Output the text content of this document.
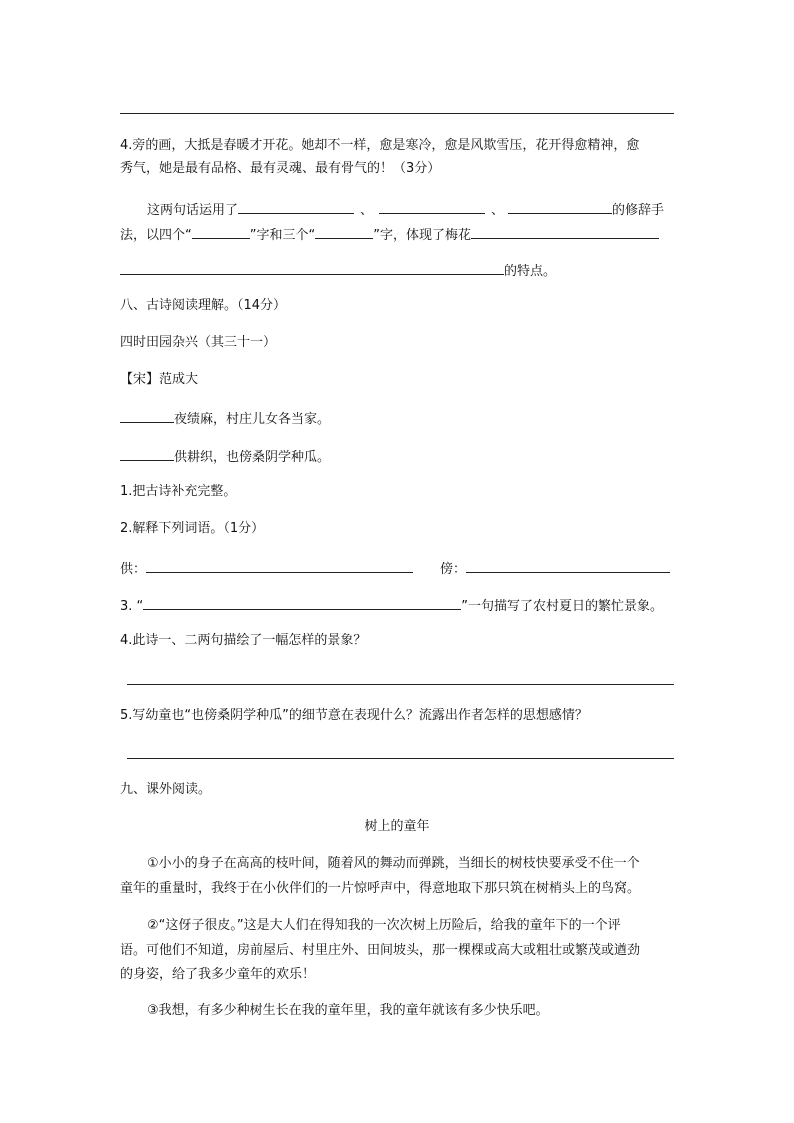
4.旁的画，大抵是春暖才开花。她却不一样，愈是寒冷，愈是风欺雪压，花开得愈精神，愈
秀气，她是最有品格、最有灵魂、最有骨气的！（3分）
这两句话运用了	、	、	的修辞手
法，以四个“	”字和三个“	”字，体现了梅花
的特点。
八、古诗阅读理解。（14分）
四时田园杂兴（其三十一）
【宋】范成大
夜绩麻，村庄儿女各当家。
供耕织，也傍桑阴学种瓜。
1.把古诗补充完整。
2.解释下列词语。（1分）
供：	傍：
3. “	”一句描写了农村夏日的繁忙景象。
4.此诗一、二两句描绘了一幅怎样的景象？
5.写幼童也“也傍桑阴学种瓜”的细节意在表现什么？流露出作者怎样的思想感情？
九、课外阅读。
树上的童年
①小小的身子在高高的枝叶间，随着风的舞动而弹跳，当细长的树枝快要承受不住一个
童年的重量时，我终于在小伙伴们的一片惊呼声中，得意地取下那只筑在树梢头上的鸟窝。
②“这伢子很皮。”这是大人们在得知我的一次次树上历险后，给我的童年下的一个评
语。可他们不知道，房前屋后、村里庄外、田间坡头，那一棵棵或高大或粗壮或繁茂或遒劲
的身姿，给了我多少童年的欢乐！
③我想，有多少种树生长在我的童年里，我的童年就该有多少快乐吧。
